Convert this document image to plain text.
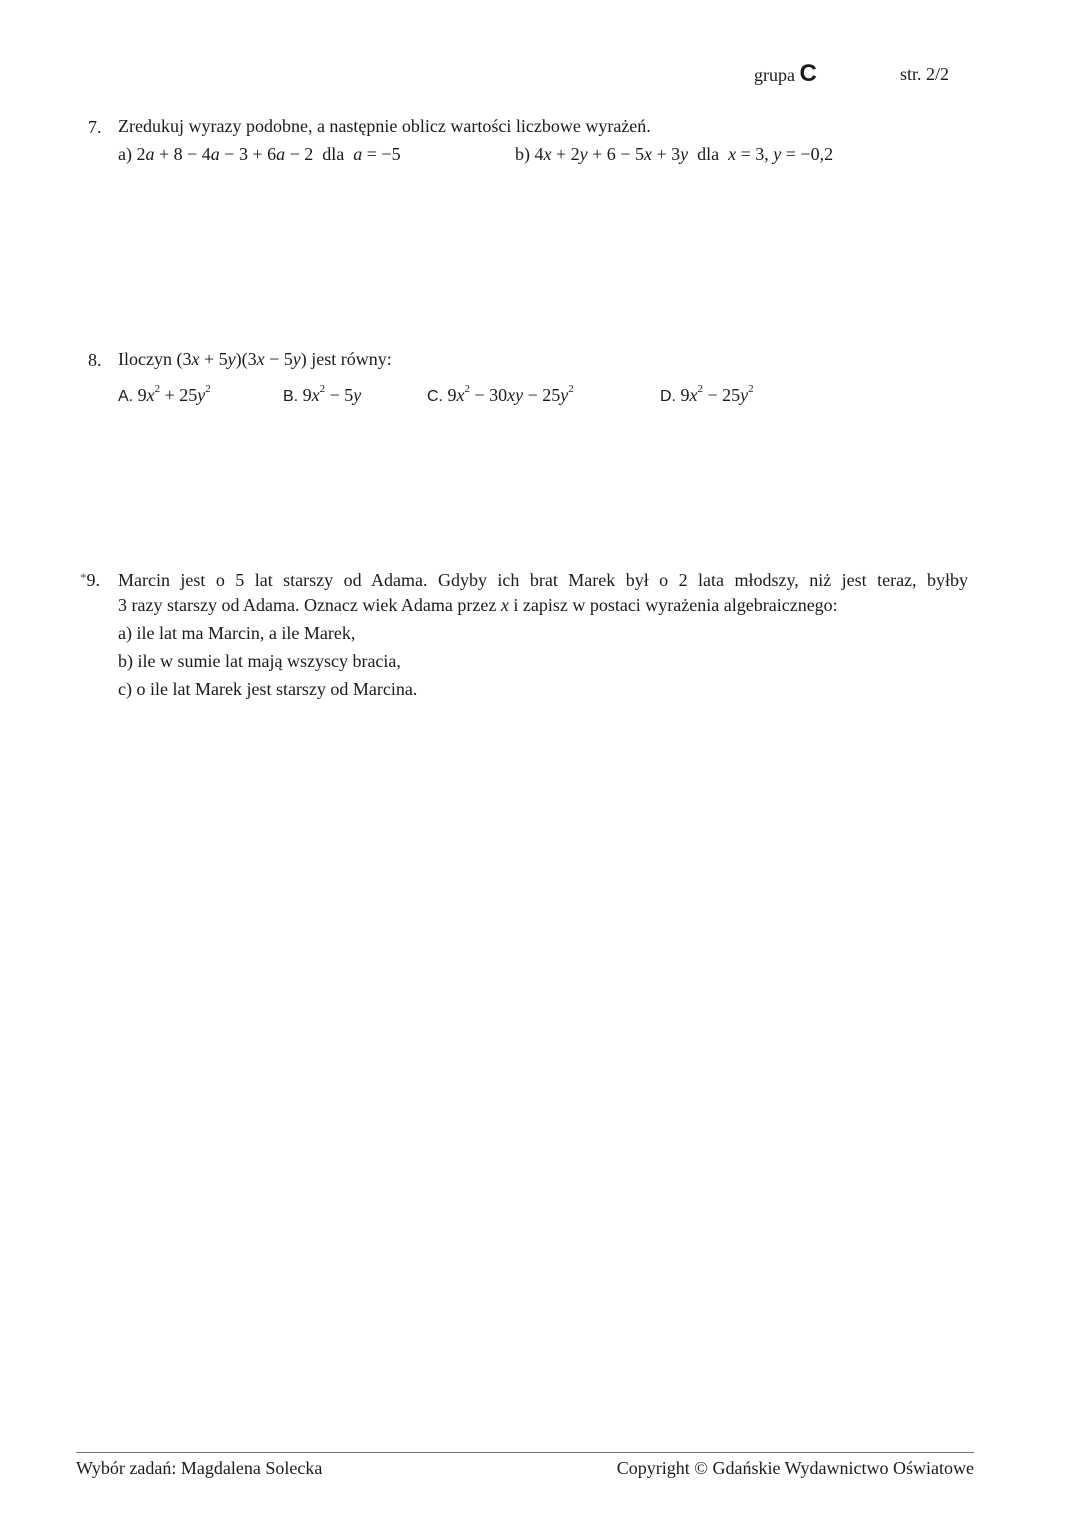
grupa C	str. 2/2
7. Zredukuj wyrazy podobne, a następnie oblicz wartości liczbowe wyrażeń.
a) 2a + 8 − 4a − 3 + 6a − 2  dla  a = −5	b) 4x + 2y + 6 − 5x + 3y  dla  x = 3, y = −0,2
8. Iloczyn (3x + 5y)(3x − 5y) jest równy:
A. $9x^2 + 25y^2$	B. $9x^2 - 5y$	C. $9x^2 - 30xy - 25y^2$	D. $9x^2 - 25y^2$
*9. Marcin jest o 5 lat starszy od Adama. Gdyby ich brat Marek był o 2 lata młodszy, niż jest teraz, byłby
3 razy starszy od Adama. Oznacz wiek Adama przez x i zapisz w postaci wyrażenia algebraicznego:
a) ile lat ma Marcin, a ile Marek,
b) ile w sumie lat mają wszyscy bracia,
c) o ile lat Marek jest starszy od Marcina.
Wybór zadań: Magdalena Solecka	Copyright © Gdańskie Wydawnictwo Oświatowe
